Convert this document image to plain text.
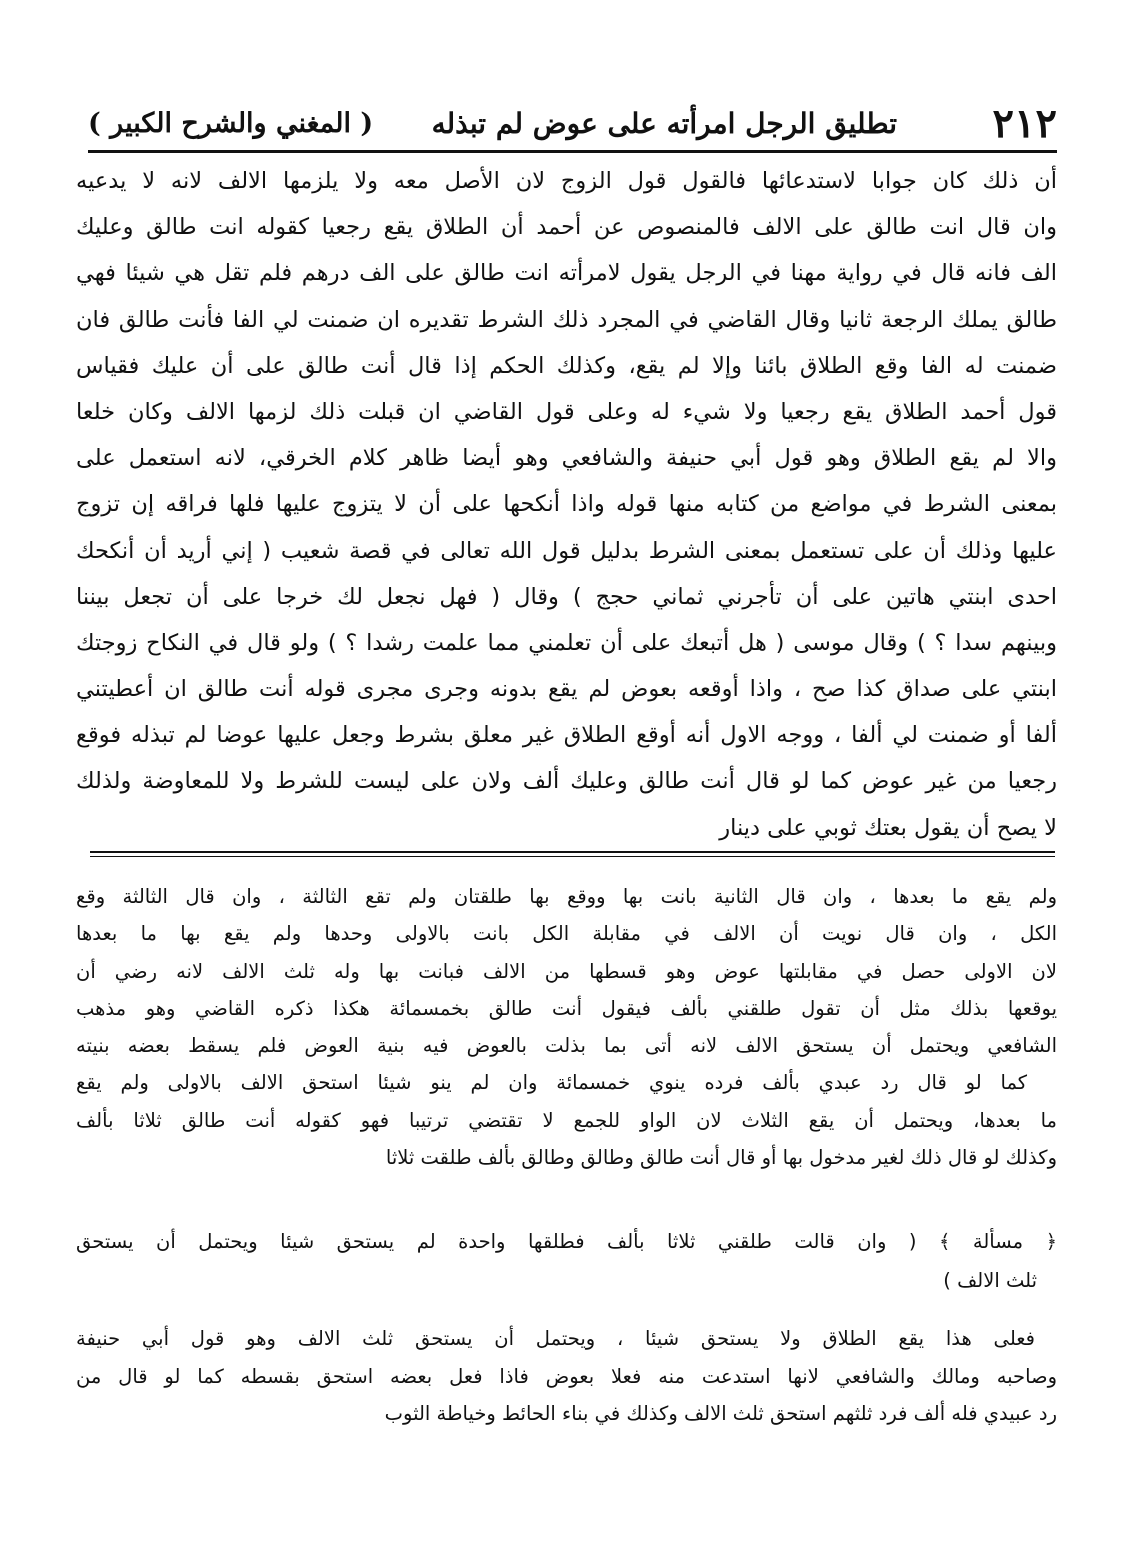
٢١٢
تطليق الرجل امرأته على عوض لم تبذله
( المغني والشرح الكبير )
أن ذلك كان جوابا لاستدعائها فالقول قول الزوج لان الأصل معه ولا يلزمها الالف لانه لا يدعيه
وان قال انت طالق على الالف فالمنصوص عن أحمد أن الطلاق يقع رجعيا كقوله انت طالق وعليك
الف فانه قال في رواية مهنا في الرجل يقول لامرأته انت طالق على الف درهم فلم تقل هي شيئا فهي
طالق يملك الرجعة ثانيا وقال القاضي في المجرد ذلك الشرط تقديره ان ضمنت لي الفا فأنت طالق فان
ضمنت له الفا وقع الطلاق بائنا وإلا لم يقع، وكذلك الحكم إذا قال أنت طالق على أن عليك فقياس
قول أحمد الطلاق يقع رجعيا ولا شيء له وعلى قول القاضي ان قبلت ذلك لزمها الالف وكان خلعا
والا لم يقع الطلاق وهو قول أبي حنيفة والشافعي وهو أيضا ظاهر كلام الخرقي، لانه استعمل على
بمعنى الشرط في مواضع من كتابه منها قوله واذا أنكحها على أن لا يتزوج عليها فلها فراقه إن تزوج
عليها وذلك أن على تستعمل بمعنى الشرط بدليل قول الله تعالى في قصة شعيب ( إني أريد أن أنكحك
احدى ابنتي هاتين على أن تأجرني ثماني حجج ) وقال ( فهل نجعل لك خرجا على أن تجعل بيننا
وبينهم سدا ؟ ) وقال موسى ( هل أتبعك على أن تعلمني مما علمت رشدا ؟ ) ولو قال في النكاح زوجتك
ابنتي على صداق كذا صح ، واذا أوقعه بعوض لم يقع بدونه وجرى مجرى قوله أنت طالق ان أعطيتني
ألفا أو ضمنت لي ألفا ، ووجه الاول أنه أوقع الطلاق غير معلق بشرط وجعل عليها عوضا لم تبذله فوقع
رجعيا من غير عوض كما لو قال أنت طالق وعليك ألف ولان على ليست للشرط ولا للمعاوضة ولذلك
لا يصح أن يقول بعتك ثوبي على دينار
ولم يقع ما بعدها ، وان قال الثانية بانت بها ووقع بها طلقتان ولم تقع الثالثة ، وان قال الثالثة وقع
الكل ، وان قال نويت أن الالف في مقابلة الكل بانت بالاولى وحدها ولم يقع بها ما بعدها
لان الاولى حصل في مقابلتها عوض وهو قسطها من الالف فبانت بها وله ثلث الالف لانه رضي أن
يوقعها بذلك مثل أن تقول طلقني بألف فيقول أنت طالق بخمسمائة هكذا ذكره القاضي وهو مذهب
الشافعي ويحتمل أن يستحق الالف لانه أتى بما بذلت بالعوض فيه بنية العوض فلم يسقط بعضه بنيته
كما لو قال رد عبدي بألف فرده ينوي خمسمائة وان لم ينو شيئا استحق الالف بالاولى ولم يقع
ما بعدها، ويحتمل أن يقع الثلاث لان الواو للجمع لا تقتضي ترتيبا فهو كقوله أنت طالق ثلاثا بألف
وكذلك لو قال ذلك لغير مدخول بها أو قال أنت طالق وطالق وطالق بألف طلقت ثلاثا
﴿ مسألة ﴾ ( وان قالت طلقني ثلاثا بألف فطلقها واحدة لم يستحق شيئا ويحتمل أن يستحق
ثلث الالف )
فعلى هذا يقع الطلاق ولا يستحق شيئا ، ويحتمل أن يستحق ثلث الالف وهو قول أبي حنيفة
وصاحبه ومالك والشافعي لانها استدعت منه فعلا بعوض فاذا فعل بعضه استحق بقسطه كما لو قال من
رد عبيدي فله ألف فرد ثلثهم استحق ثلث الالف وكذلك في بناء الحائط وخياطة الثوب
